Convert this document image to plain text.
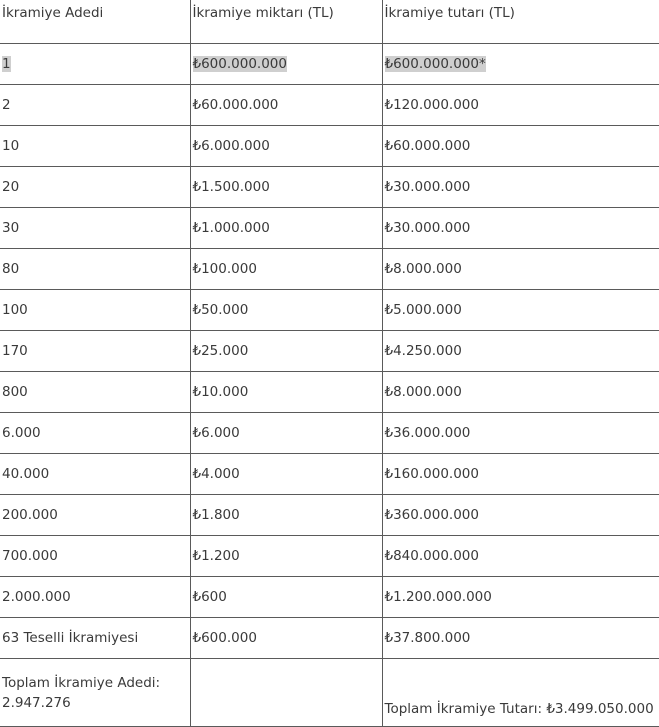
İkramiye Adedi	İkramiye miktarı (TL)	İkramiye tutarı (TL)
1	₺600.000.000	₺600.000.000*
2	₺60.000.000	₺120.000.000
10	₺6.000.000	₺60.000.000
20	₺1.500.000	₺30.000.000
30	₺1.000.000	₺30.000.000
80	₺100.000	₺8.000.000
100	₺50.000	₺5.000.000
170	₺25.000	₺4.250.000
800	₺10.000	₺8.000.000
6.000	₺6.000	₺36.000.000
40.000	₺4.000	₺160.000.000
200.000	₺1.800	₺360.000.000
700.000	₺1.200	₺840.000.000
2.000.000	₺600	₺1.200.000.000
63 Teselli İkramiyesi	₺600.000	₺37.800.000
Toplam İkramiye Adedi: 2.947.276		Toplam İkramiye Tutarı: ₺3.499.050.000
